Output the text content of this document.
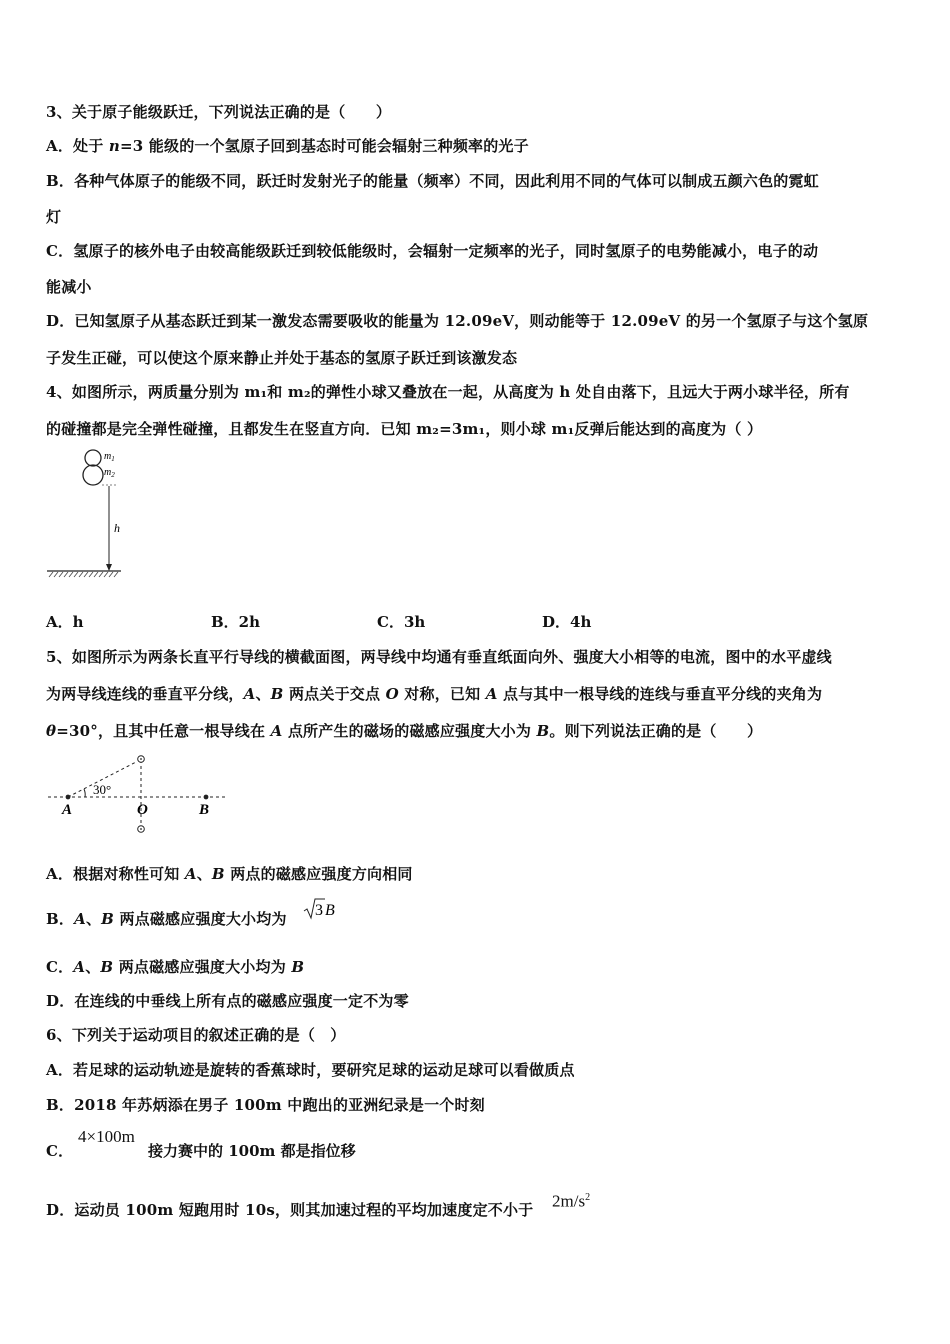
3、关于原子能级跃迁，下列说法正确的是（　　）
A．处于 n=3 能级的一个氢原子回到基态时可能会辐射三种频率的光子
B．各种气体原子的能级不同，跃迁时发射光子的能量（频率）不同，因此利用不同的气体可以制成五颜六色的霓虹
灯
C．氢原子的核外电子由较高能级跃迁到较低能级时，会辐射一定频率的光子，同时氢原子的电势能减小，电子的动
能减小
D．已知氢原子从基态跃迁到某一激发态需要吸收的能量为 12.09eV，则动能等于 12.09eV 的另一个氢原子与这个氢原
子发生正碰，可以使这个原来静止并处于基态的氢原子跃迁到该激发态
4、如图所示，两质量分别为 m₁和 m₂的弹性小球又叠放在一起，从高度为 h 处自由落下，且远大于两小球半径，所有
的碰撞都是完全弹性碰撞，且都发生在竖直方向．已知 m₂=3m₁，则小球 m₁反弹后能达到的高度为（ ）
$m_1$
$m_2$
h
A．h	B．2h	C．3h	D．4h
5、如图所示为两条长直平行导线的横截面图，两导线中均通有垂直纸面向外、强度大小相等的电流，图中的水平虚线
为两导线连线的垂直平分线，A、B 两点关于交点 O 对称，已知 A 点与其中一根导线的连线与垂直平分线的夹角为
θ=30°，且其中任意一根导线在 A 点所产生的磁场的磁感应强度大小为 B。则下列说法正确的是（　　）
30°
A	O	B
A．根据对称性可知 A、B 两点的磁感应强度方向相同
B．A、B 两点磁感应强度大小均为 3 B
C．A、B 两点磁感应强度大小均为 B
D．在连线的中垂线上所有点的磁感应强度一定不为零
6、下列关于运动项目的叙述正确的是（　）
A．若足球的运动轨迹是旋转的香蕉球时，要研究足球的运动足球可以看做质点
B．2018 年苏炳添在男子 100m 中跑出的亚洲纪录是一个时刻
C．
4×100m
接力赛中的 100m 都是指位移
D．运动员 100m 短跑用时 10s，则其加速过程的平均加速度定不小于 $2m/s^2$
